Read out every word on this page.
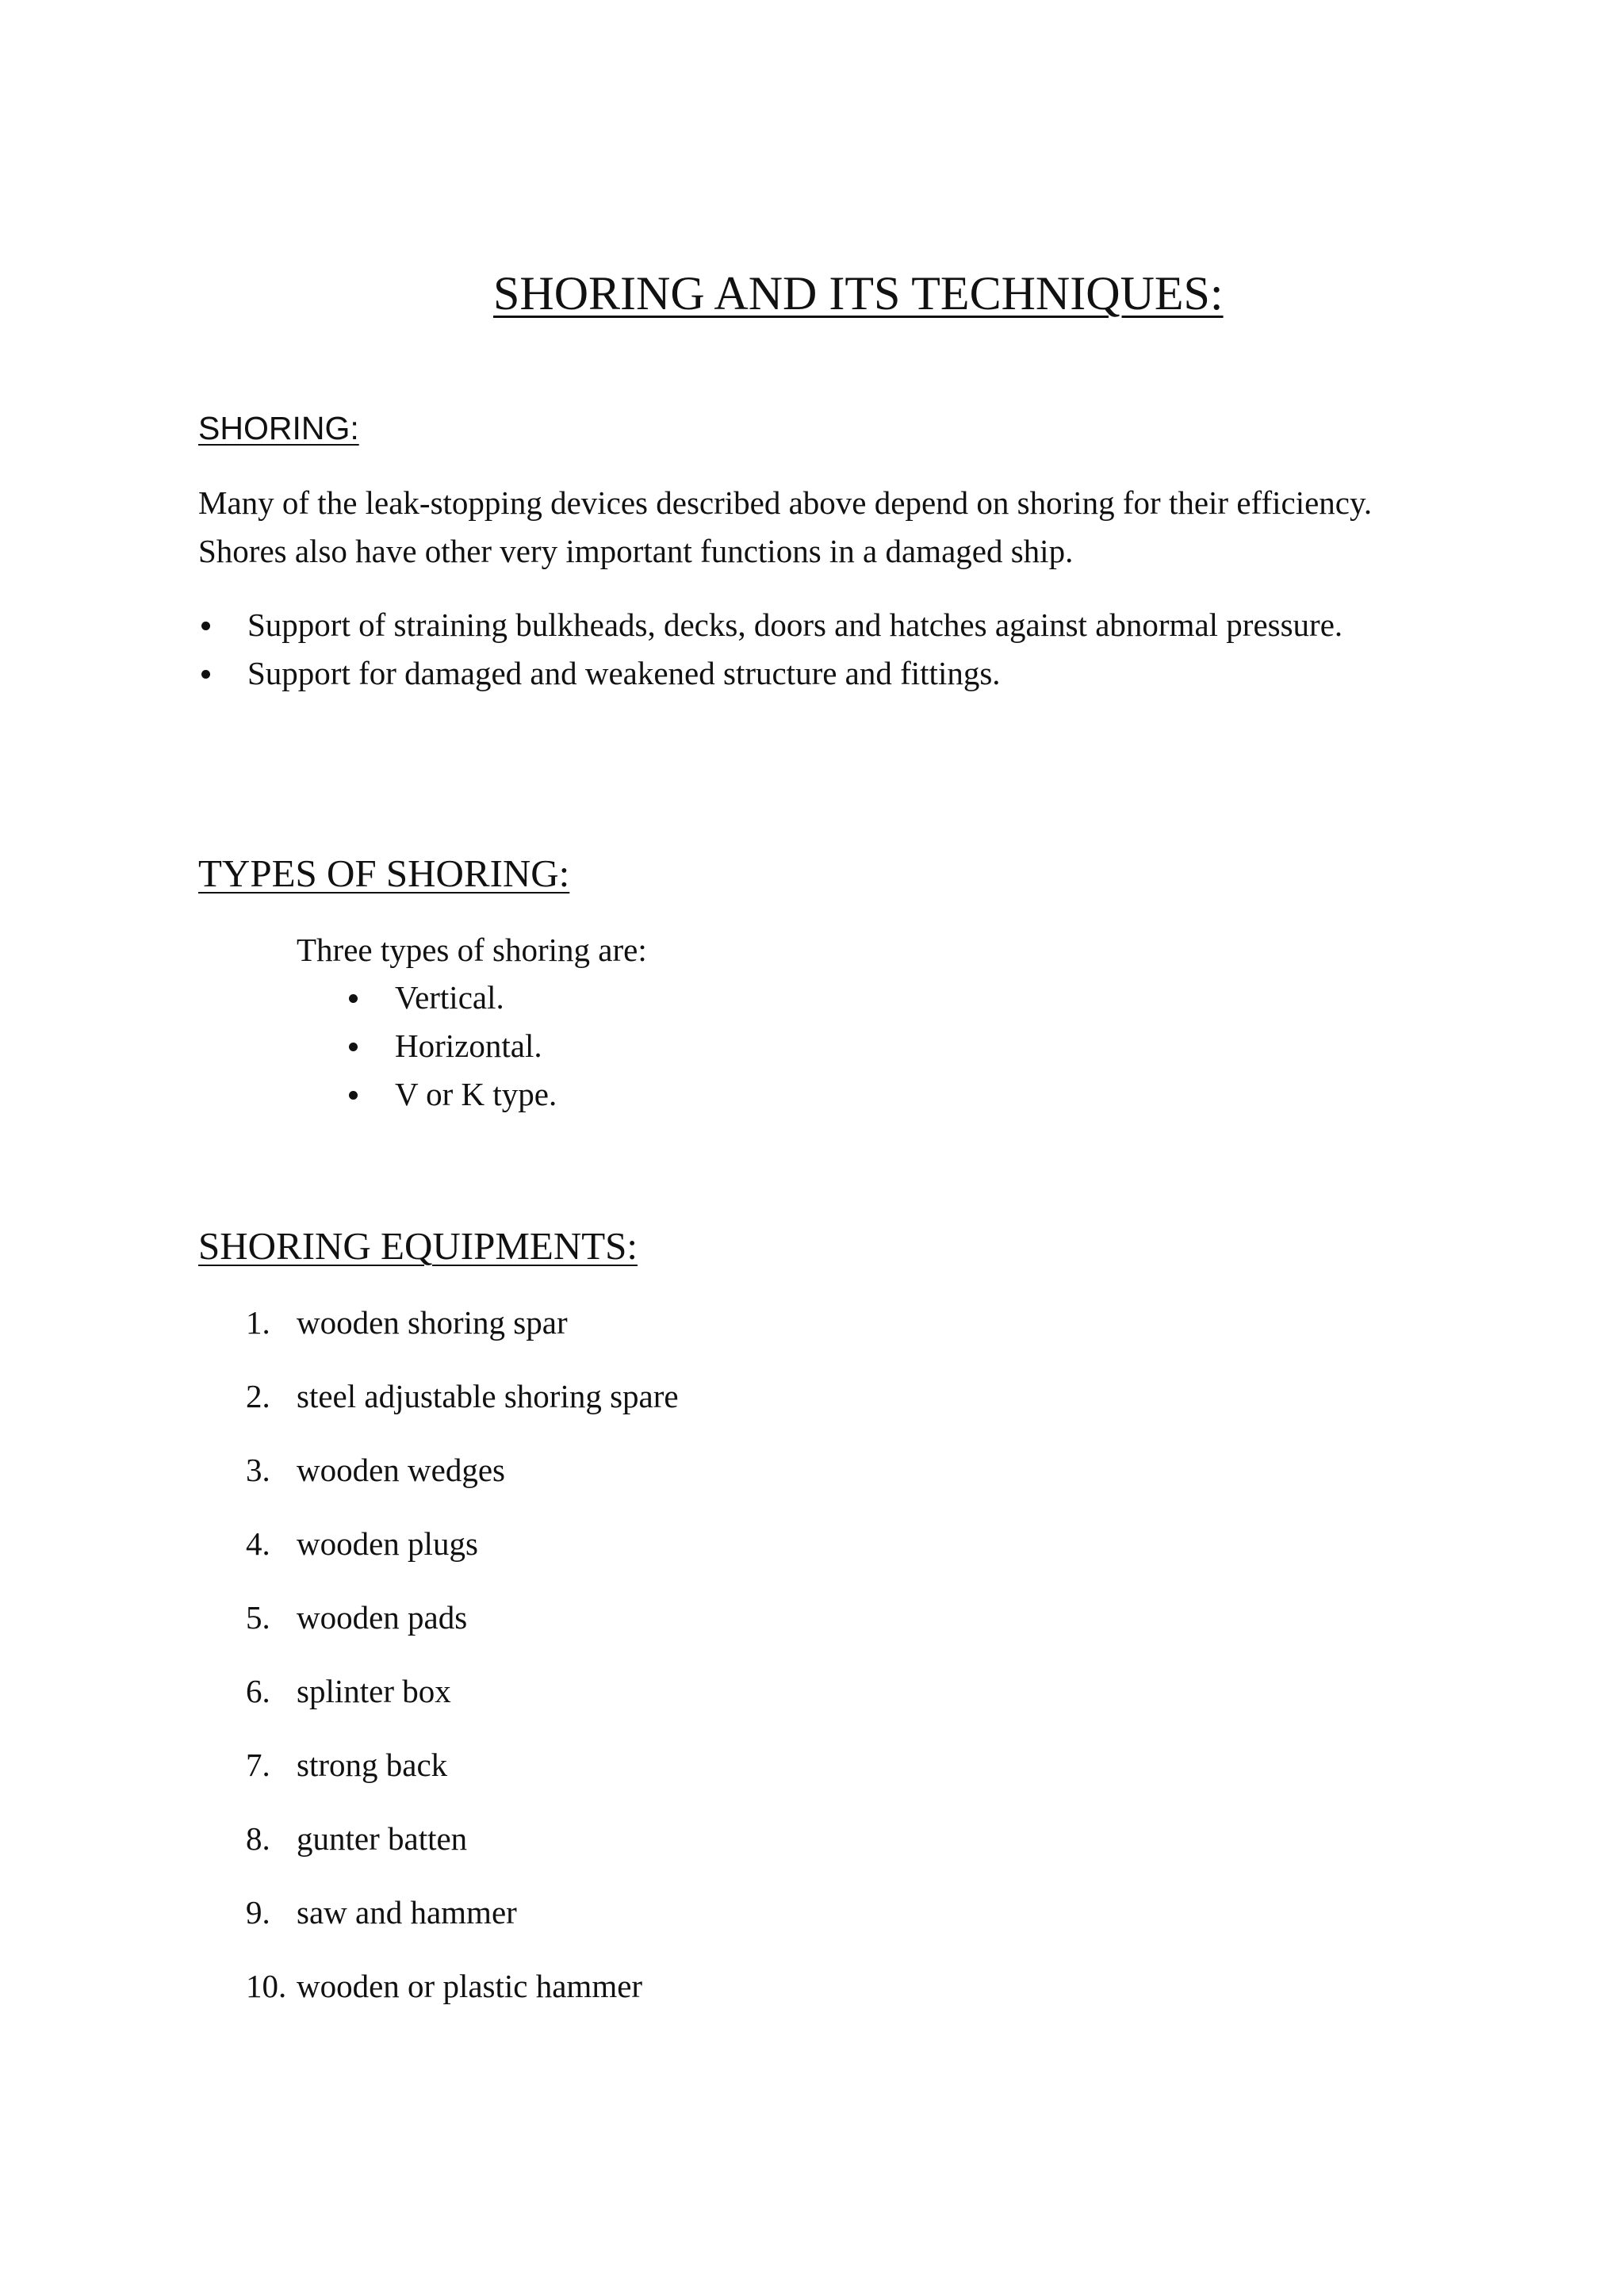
SHORING AND ITS TECHNIQUES:
SHORING:

Many of the leak-stopping devices described above depend on shoring for their efficiency. Shores also have other very important functions in a damaged ship.

Support of straining bulkheads, decks, doors and hatches against abnormal pressure.
Support for damaged and weakened structure and fittings.
TYPES OF SHORING:

Three types of shoring are:

Vertical.
Horizontal.
V or K type.
SHORING EQUIPMENTS:
1. wooden shoring spar
2. steel adjustable shoring spare
3. wooden wedges
4. wooden plugs
5. wooden pads
6. splinter box
7. strong back
8. gunter batten
9. saw and hammer
10. wooden or plastic hammer
